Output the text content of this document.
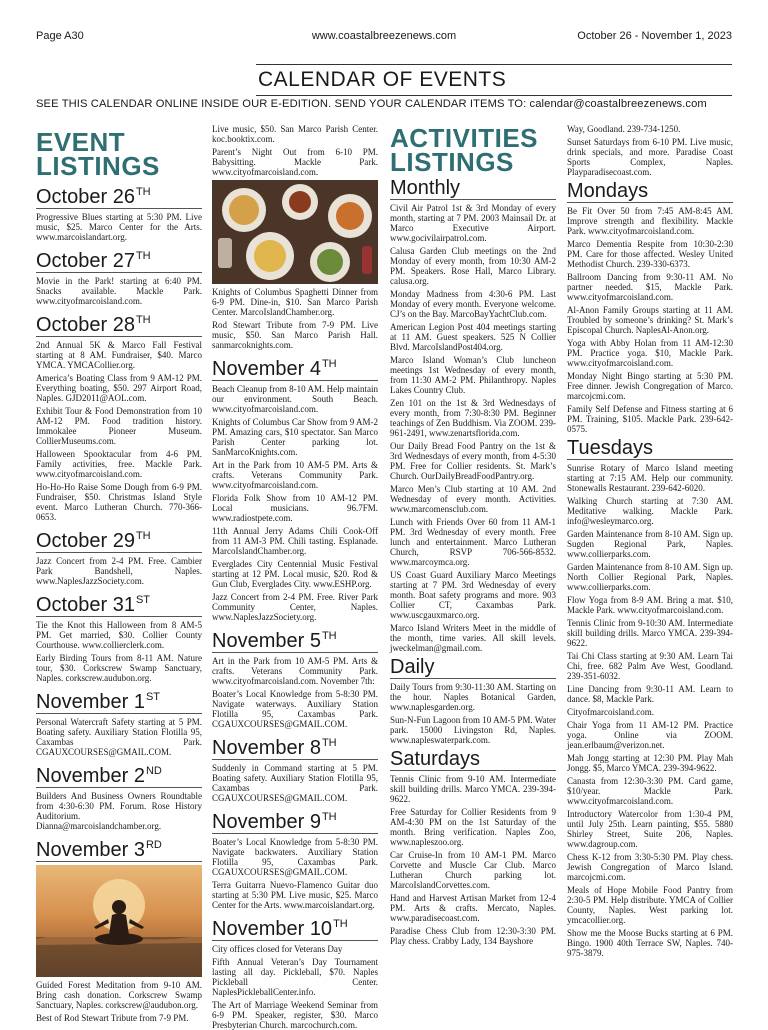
Page A30	www.coastalbreezenews.com	October 26 - November 1, 2023
CALENDAR OF EVENTS
SEE THIS CALENDAR ONLINE INSIDE OUR E-EDITION. SEND YOUR CALENDAR ITEMS TO: calendar@coastalbreezenews.com
EVENT
LISTINGS
October 26TH
Progressive Blues starting at 5:30 PM. Live music, $25. Marco Center for the Arts. www.marcoislandart.org.
October 27TH
Movie in the Park! starting at 6:40 PM. Snacks available. Mackle Park. www.cityofmarcoisland.com.
October 28TH
2nd Annual 5K & Marco Fall Festival starting at 8 AM. Fundraiser, $40. Marco YMCA. YMCACollier.org.
America’s Boating Class from 9 AM-12 PM. Everything boating, $50. 297 Airport Road, Naples. GJD2011@AOL.com.
Exhibit Tour & Food Demonstration from 10 AM-12 PM. Food tradition history. Immokalee Pioneer Museum. CollierMuseums.com.
Halloween Spooktacular from 4-6 PM. Family activities, free. Mackle Park. www.cityofmarcoisland.com.
Ho-Ho-Ho Raise Some Dough from 6-9 PM. Fundraiser, $50. Christmas Island Style event. Marco Lutheran Church. 770-366-0653.
October 29TH
Jazz Concert from 2-4 PM. Free. Cambier Park Bandshell, Naples. www.NaplesJazzSociety.com.
October 31ST
Tie the Knot this Halloween from 8 AM-5 PM. Get married, $30. Collier County Courthouse. www.collierclerk.com.
Early Birding Tours from 8-11 AM. Nature tour, $30. Corkscrew Swamp Sanctuary, Naples. corkscrew.audubon.org.
November 1ST
Personal Watercraft Safety starting at 5 PM. Boating safety. Auxiliary Station Flotilla 95, Caxambas Park. CGAUXCOURSES@GMAIL.COM.
November 2ND
Builders And Business Owners Roundtable from 4:30-6:30 PM. Forum. Rose History Auditorium. Dianna@marcoislandchamber.org.
November 3RD
Guided Forest Meditation from 9-10 AM. Bring cash donation. Corkscrew Swamp Sanctuary, Naples. corkscrew@audubon.org.
Best of Rod Stewart Tribute from 7-9 PM.
Live music, $50. San Marco Parish Center. koc.booktix.com.
Parent’s Night Out from 6-10 PM. Babysitting. Mackle Park. www.cityofmarcoisland.com.
Knights of Columbus Spaghetti Dinner from 6-9 PM. Dine-in, $10. San Marco Parish Center. MarcoIslandChamber.org.
Rod Stewart Tribute from 7-9 PM. Live music, $50. San Marco Parish Hall. sanmarcoknights.com.
November 4TH
Beach Cleanup from 8-10 AM. Help maintain our environment. South Beach. www.cityofmarcoisland.com.
Knights of Columbus Car Show from 9 AM-2 PM. Amazing cars, $10 spectator. San Marco Parish Center parking lot. SanMarcoKnights.com.
Art in the Park from 10 AM-5 PM. Arts & crafts. Veterans Community Park. www.cityofmarcoisland.com.
Florida Folk Show from 10 AM-12 PM. Local musicians. 96.7FM. www.radiostpete.com.
11th Annual Jerry Adams Chili Cook-Off from 11 AM-3 PM. Chili tasting. Esplanade. MarcoIslandChamber.org.
Everglades City Centennial Music Festival starting at 12 PM. Local music, $20. Rod & Gun Club, Everglades City. www.ESHP.org.
Jazz Concert from 2-4 PM. Free. River Park Community Center, Naples. www.NaplesJazzSociety.org.
November 5TH
Art in the Park from 10 AM-5 PM. Arts & crafts. Veterans Community Park. www.cityofmarcoisland.com. November 7th:
Boater’s Local Knowledge from 5-8:30 PM. Navigate waterways. Auxiliary Station Flotilla 95, Caxambas Park. CGAUXCOURSES@GMAIL.COM.
November 8TH
Suddenly in Command starting at 5 PM. Boating safety. Auxiliary Station Flotilla 95, Caxambas Park. CGAUXCOURSES@GMAIL.COM.
November 9TH
Boater’s Local Knowledge from 5-8:30 PM. Navigate backwaters. Auxiliary Station Flotilla 95, Caxambas Park. CGAUXCOURSES@GMAIL.COM.
Terra Guitarra Nuevo-Flamenco Guitar duo starting at 5:30 PM. Live music, $25. Marco Center for the Arts. www.marcoislandart.org.
November 10TH
City offices closed for Veterans Day
Fifth Annual Veteran’s Day Tournament lasting all day. Pickleball, $70. Naples Pickleball Center. NaplesPickleballCenter.info.
The Art of Marriage Weekend Seminar from 6-9 PM. Speaker, register, $30. Marco Presbyterian Church. marcochurch.com.
ACTIVITIES
LISTINGS
Monthly
Civil Air Patrol 1st & 3rd Monday of every month, starting at 7 PM. 2003 Mainsail Dr. at Marco Executive Airport. www.gocivilairpatrol.com.
Calusa Garden Club meetings on the 2nd Monday of every month, from 10:30 AM-2 PM. Speakers. Rose Hall, Marco Library. calusa.org.
Monday Madness from 4:30-6 PM. Last Monday of every month. Everyone welcome. CJ’s on the Bay. MarcoBayYachtClub.com.
American Legion Post 404 meetings starting at 11 AM. Guest speakers. 525 N Collier Blvd. MarcoIslandPost404.org.
Marco Island Woman’s Club luncheon meetings 1st Wednesday of every month, from 11:30 AM-2 PM. Philanthropy. Naples Lakes Country Club.
Zen 101 on the 1st & 3rd Wednesdays of every month, from 7:30-8:30 PM. Beginner teachings of Zen Buddhism. Via ZOOM. 239-961-2491, www.zenartsflorida.com.
Our Daily Bread Food Pantry on the 1st & 3rd Wednesdays of every month, from 4-5:30 PM. Free for Collier residents. St. Mark’s Church. OurDailyBreadFoodPantry.org.
Marco Men’s Club starting at 10 AM. 2nd Wednesday of every month. Activities. www.marcomensclub.com.
Lunch with Friends Over 60 from 11 AM-1 PM. 3rd Wednesday of every month. Free lunch and entertainment. Marco Lutheran Church, RSVP 706-566-8532. www.marcoymca.org.
US Coast Guard Auxiliary Marco Meetings starting at 7 PM. 3rd Wednesday of every month. Boat safety programs and more. 903 Collier CT, Caxambas Park. www.uscgauxmarco.org.
Marco Island Writers Meet in the middle of the month, time varies. All skill levels. jweckelman@gmail.com.
Daily
Daily Tours from 9:30-11:30 AM. Starting on the hour. Naples Botanical Garden, www.naplesgarden.org.
Sun-N-Fun Lagoon from 10 AM-5 PM. Water park. 15000 Livingston Rd, Naples. www.napleswaterpark.com.
Saturdays
Tennis Clinic from 9-10 AM. Intermediate skill building drills. Marco YMCA. 239-394-9622.
Free Saturday for Collier Residents from 9 AM-4:30 PM on the 1st Saturday of the month. Bring verification. Naples Zoo, www.napleszoo.org.
Car Cruise-In from 10 AM-1 PM. Marco Corvette and Muscle Car Club. Marco Lutheran Church parking lot. MarcoIslandCorvettes.com.
Hand and Harvest Artisan Market from 12-4 PM. Arts & crafts. Mercato, Naples. www.paradisecoast.com.
Paradise Chess Club from 12:30-3:30 PM. Play chess. Crabby Lady, 134 Bayshore
Way, Goodland. 239-734-1250.
Sunset Saturdays from 6-10 PM. Live music, drink specials, and more. Paradise Coast Sports Complex, Naples. Playparadisecoast.com.
Mondays
Be Fit Over 50 from 7:45 AM-8:45 AM. Improve strength and flexibility. Mackle Park. www.cityofmarcoisland.com.
Marco Dementia Respite from 10:30-2:30 PM. Care for those affected. Wesley United Methodist Church. 239-330-6373.
Ballroom Dancing from 9:30-11 AM. No partner needed. $15, Mackle Park. www.cityofmarcoisland.com.
Al-Anon Family Groups starting at 11 AM. Troubled by someone’s drinking? St. Mark’s Episcopal Church. NaplesAl-Anon.org.
Yoga with Abby Holan from 11 AM-12:30 PM. Practice yoga. $10, Mackle Park. www.cityofmarcoisland.com.
Monday Night Bingo starting at 5:30 PM. Free dinner. Jewish Congregation of Marco. marcojcmi.com.
Family Self Defense and Fitness starting at 6 PM. Training, $105. Mackle Park. 239-642-0575.
Tuesdays
Sunrise Rotary of Marco Island meeting starting at 7:15 AM. Help our community. Stonewalls Restaurant. 239-642-6020.
Walking Church starting at 7:30 AM. Meditative walking. Mackle Park. info@wesleymarco.org.
Garden Maintenance from 8-10 AM. Sign up. Sugden Regional Park, Naples. www.collierparks.com.
Garden Maintenance from 8-10 AM. Sign up. North Collier Regional Park, Naples. www.collierparks.com.
Flow Yoga from 8-9 AM. Bring a mat. $10, Mackle Park. www.cityofmarcoisland.com.
Tennis Clinic from 9-10:30 AM. Intermediate skill building drills. Marco YMCA. 239-394-9622.
Tai Chi Class starting at 9:30 AM. Learn Tai Chi, free. 682 Palm Ave West, Goodland. 239-351-6032.
Line Dancing from 9:30-11 AM. Learn to dance. $8, Mackle Park.
Cityofmarcoisland.com.
Chair Yoga from 11 AM-12 PM. Practice yoga. Online via ZOOM. jean.erlbaum@verizon.net.
Mah Jongg starting at 12:30 PM. Play Mah Jongg. $5, Marco YMCA. 239-394-9622.
Canasta from 12:30-3:30 PM. Card game, $10/year. Mackle Park. www.cityofmarcoisland.com.
Introductory Watercolor from 1:30-4 PM, until July 25th. Learn painting, $55. 5880 Shirley Street, Suite 206, Naples. www.dagroup.com.
Chess K-12 from 3:30-5:30 PM. Play chess. Jewish Congregation of Marco Island. marcojcmi.com.
Meals of Hope Mobile Food Pantry from 2:30-5 PM. Help distribute. YMCA of Collier County, Naples. West parking lot. ymcacollier.org.
Show me the Moose Bucks starting at 6 PM. Bingo. 1900 40th Terrace SW, Naples. 740-975-3879.
